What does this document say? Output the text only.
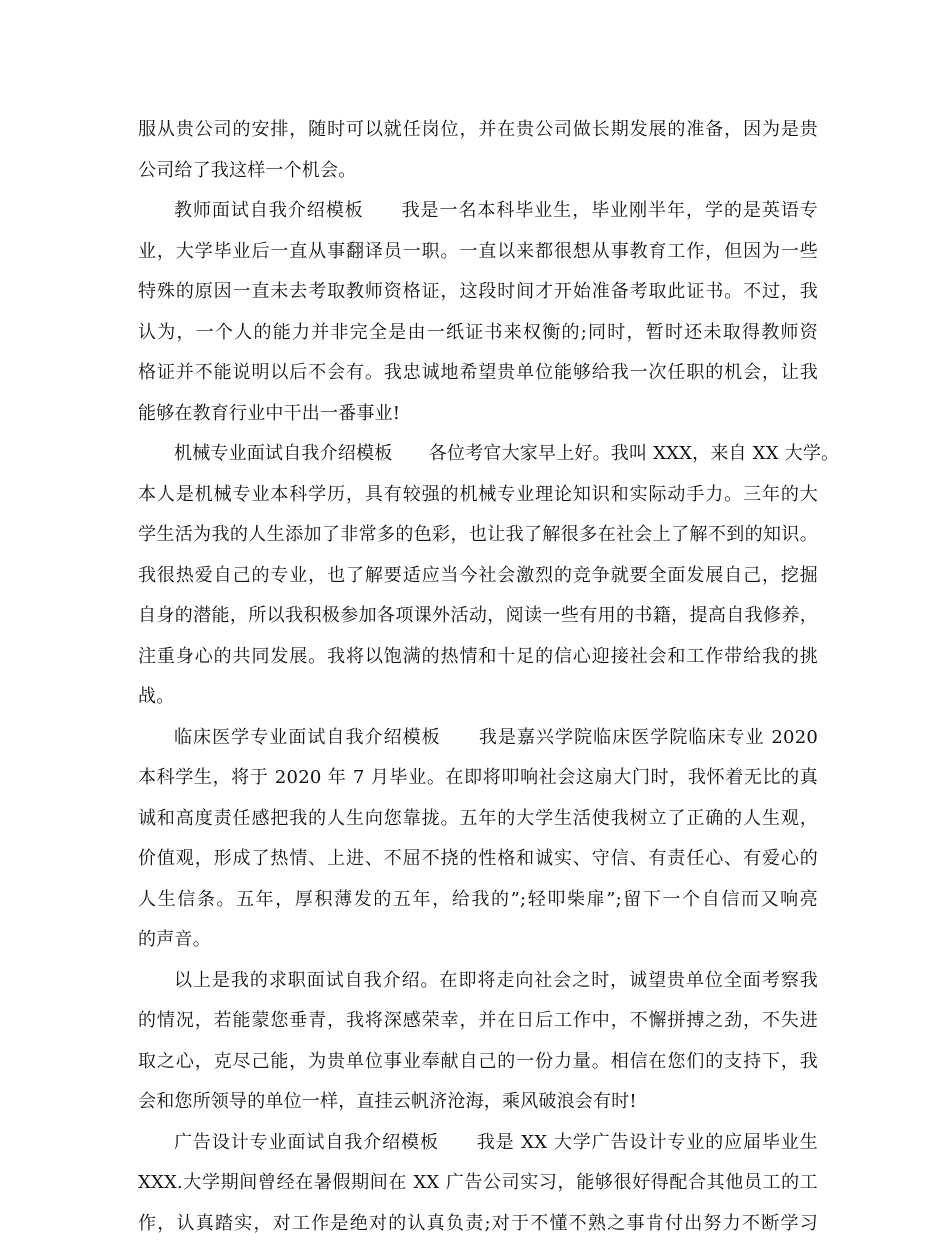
服从贵公司的安排，随时可以就任岗位，并在贵公司做长期发展的准备，因为是贵
公司给了我这样一个机会。
教师面试自我介绍模板　　我是一名本科毕业生，毕业刚半年，学的是英语专
业，大学毕业后一直从事翻译员一职。一直以来都很想从事教育工作，但因为一些
特殊的原因一直未去考取教师资格证，这段时间才开始准备考取此证书。不过，我
认为，一个人的能力并非完全是由一纸证书来权衡的;同时，暂时还未取得教师资
格证并不能说明以后不会有。我忠诚地希望贵单位能够给我一次任职的机会，让我
能够在教育行业中干出一番事业!
机械专业面试自我介绍模板　　各位考官大家早上好。我叫 XXX，来自 XX 大学。
本人是机械专业本科学历，具有较强的机械专业理论知识和实际动手力。三年的大
学生活为我的人生添加了非常多的色彩，也让我了解很多在社会上了解不到的知识。
我很热爱自己的专业，也了解要适应当今社会激烈的竞争就要全面发展自己，挖掘
自身的潜能，所以我积极参加各项课外活动，阅读一些有用的书籍，提高自我修养，
注重身心的共同发展。我将以饱满的热情和十足的信心迎接社会和工作带给我的挑
战。
临床医学专业面试自我介绍模板　　我是嘉兴学院临床医学院临床专业 2020
本科学生，将于 2020 年 7 月毕业。在即将叩响社会这扇大门时，我怀着无比的真
诚和高度责任感把我的人生向您靠拢。五年的大学生活使我树立了正确的人生观，
价值观，形成了热情、上进、不屈不挠的性格和诚实、守信、有责任心、有爱心的
人生信条。五年，厚积薄发的五年，给我的”;轻叩柴扉”;留下一个自信而又响亮
的声音。
以上是我的求职面试自我介绍。在即将走向社会之时，诚望贵单位全面考察我
的情况，若能蒙您垂青，我将深感荣幸，并在日后工作中，不懈拼搏之劲，不失进
取之心，克尽己能，为贵单位事业奉献自己的一份力量。相信在您们的支持下，我
会和您所领导的单位一样，直挂云帆济沧海，乘风破浪会有时!
广告设计专业面试自我介绍模板　　我是 XX 大学广告设计专业的应届毕业生
XXX.大学期间曾经在暑假期间在 XX 广告公司实习，能够很好得配合其他员工的工
作，认真踏实，对工作是绝对的认真负责;对于不懂不熟之事肯付出努力不断学习
